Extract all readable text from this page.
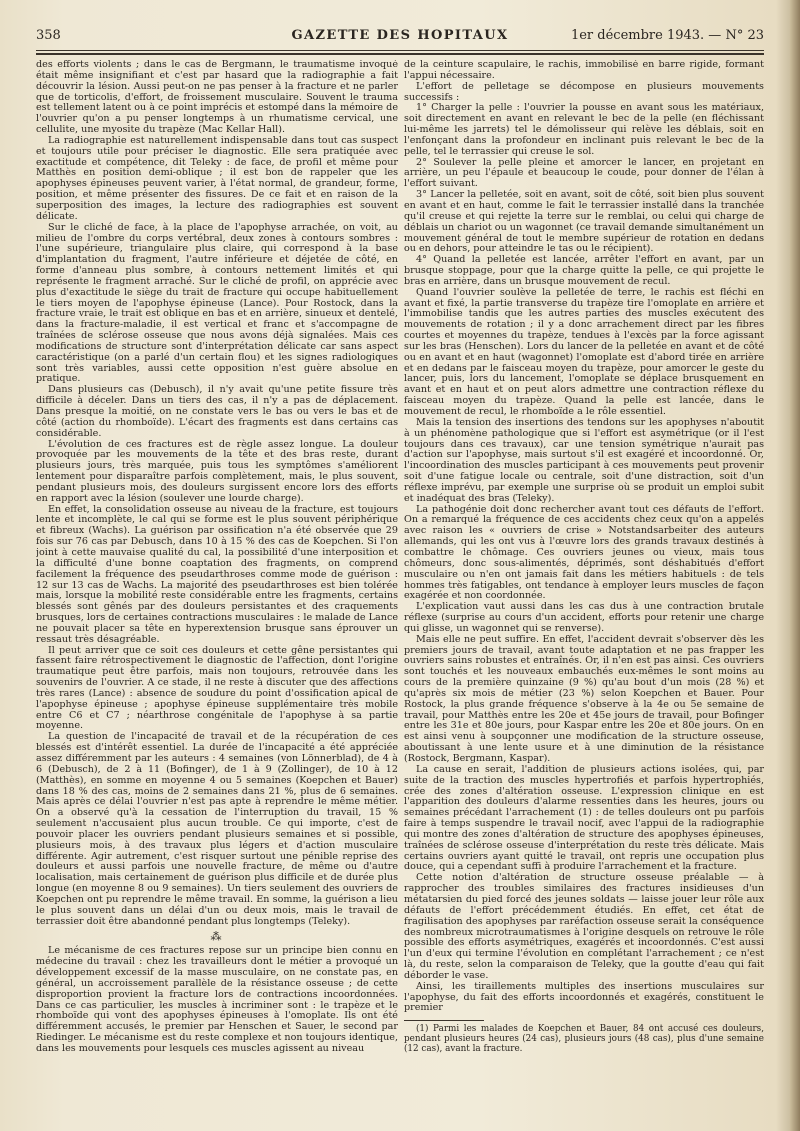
358	GAZETTE DES HOPITAUX	1er décembre 1943. — N° 23

des efforts violents ; dans le cas de Bergmann, le traumatisme invoqué était même insignifiant et c'est par hasard que la radiographie a fait découvrir la lésion. Aussi peut-on ne pas penser à la fracture et ne parler que de torticolis, d'effort, de froissement musculaire. Souvent le trauma est tellement latent ou à ce point imprécis et estompé dans la mémoire de l'ouvrier qu'on a pu penser longtemps à un rhumatisme cervical, une cellulite, une myosite du trapèze (Mac Kellar Hall).

La radiographie est naturellement indispensable dans tout cas suspect et toujours utile pour préciser le diagnostic. Elle sera pratiquée avec exactitude et compétence, dit Teleky : de face, de profil et même pour Matthès en position demi-oblique ; il est bon de rappeler que les apophyses épineuses peuvent varier, à l'état normal, de grandeur, forme, position, et même présenter des fissures. De ce fait et en raison de la superposition des images, la lecture des radiographies est souvent délicate.

Sur le cliché de face, à la place de l'apophyse arrachée, on voit, au milieu de l'ombre du corps vertébral, deux zones à contours sombres : l'une supérieure, triangulaire plus claire, qui correspond à la base d'implantation du fragment, l'autre inférieure et déjetée de côté, en forme d'anneau plus sombre, à contours nettement limités et qui représente le fragment arraché. Sur le cliché de profil, on apprécie avec plus d'exactitude le siège du trait de fracture qui occupe habituellement le tiers moyen de l'apophyse épineuse (Lance). Pour Rostock, dans la fracture vraie, le trait est oblique en bas et en arrière, sinueux et dentelé, dans la fracture-maladie, il est vertical et franc et s'accompagne de traînées de sclérose osseuse que nous avons déjà signalées. Mais ces modifications de structure sont d'interprétation délicate car sans aspect caractéristique (on a parlé d'un certain flou) et les signes radiologiques sont très variables, aussi cette opposition n'est guère absolue en pratique.

Dans plusieurs cas (Debusch), il n'y avait qu'une petite fissure très difficile à déceler. Dans un tiers des cas, il n'y a pas de déplacement. Dans presque la moitié, on ne constate vers le bas ou vers le bas et de côté (action du rhomboïde). L'écart des fragments est dans certains cas considérable.

L'évolution de ces fractures est de règle assez longue. La douleur provoquée par les mouvements de la tête et des bras reste, durant plusieurs jours, très marquée, puis tous les symptômes s'améliorent lentement pour disparaître parfois complètement, mais, le plus souvent, pendant plusieurs mois, des douleurs surgissent encore lors des efforts en rapport avec la lésion (soulever une lourde charge).

En effet, la consolidation osseuse au niveau de la fracture, est toujours lente et incomplète, le cal qui se forme est le plus souvent périphérique et fibreux (Wachs). La guérison par ossification n'a été observée que 29 fois sur 76 cas par Debusch, dans 10 à 15 % des cas de Koepchen. Si l'on joint à cette mauvaise qualité du cal, la possibilité d'une interposition et la difficulté d'une bonne coaptation des fragments, on comprend facilement la fréquence des pseudarthroses comme mode de guérison : 12 sur 13 cas de Wachs. La majorité des pseudarthroses est bien tolérée mais, lorsque la mobilité reste considérable entre les fragments, certains blessés sont gênés par des douleurs persistantes et des craquements brusques, lors de certaines contractions musculaires : le malade de Lance ne pouvait placer sa tête en hyperextension brusque sans éprouver un ressaut très désagréable.

Il peut arriver que ce soit ces douleurs et cette gêne persistantes qui fassent faire rétrospectivement le diagnostic de l'affection, dont l'origine traumatique peut être parfois, mais non toujours, retrouvée dans les souvenirs de l'ouvrier. A ce stade, il ne reste à discuter que des affections très rares (Lance) : absence de soudure du point d'ossification apical de l'apophyse épineuse ; apophyse épineuse supplémentaire très mobile entre C6 et C7 ; néarthrose congénitale de l'apophyse à sa partie moyenne.

La question de l'incapacité de travail et de la récupération de ces blessés est d'intérêt essentiel. La durée de l'incapacité a été appréciée assez différemment par les auteurs : 4 semaines (von Lönnerblad), de 4 à 6 (Debusch), de 2 à 11 (Bofinger), de 1 à 9 (Zollinger), de 10 à 12 (Matthès), en somme en moyenne 4 ou 5 semaines (Koepchen et Bauer) dans 18 % des cas, moins de 2 semaines dans 21 %, plus de 6 semaines. Mais après ce délai l'ouvrier n'est pas apte à reprendre le même métier. On a observé qu'à la cessation de l'interruption du travail, 15 % seulement n'accusaient plus aucun trouble. Ce qui importe, c'est de pouvoir placer les ouvriers pendant plusieurs semaines et si possible, plusieurs mois, à des travaux plus légers et d'action musculaire différente. Agir autrement, c'est risquer surtout une pénible reprise des douleurs et aussi parfois une nouvelle fracture, de même ou d'autre localisation, mais certainement de guérison plus difficile et de durée plus longue (en moyenne 8 ou 9 semaines). Un tiers seulement des ouvriers de Koepchen ont pu reprendre le même travail. En somme, la guérison a lieu le plus souvent dans un délai d'un ou deux mois, mais le travail de terrassier doit être abandonné pendant plus longtemps (Teleky).

⁂

Le mécanisme de ces fractures repose sur un principe bien connu en médecine du travail : chez les travailleurs dont le métier a provoqué un développement excessif de la masse musculaire, on ne constate pas, en général, un accroissement parallèle de la résistance osseuse ; de cette disproportion provient la fracture lors de contractions incoordonnées. Dans ce cas particulier, les muscles à incriminer sont : le trapèze et le rhomboïde qui vont des apophyses épineuses à l'omoplate. Ils ont été différemment accusés, le premier par Henschen et Sauer, le second par Riedinger. Le mécanisme est du reste complexe et non toujours identique, dans les mouvements pour lesquels ces muscles agissent au niveau

de la ceinture scapulaire, le rachis, immobilisé en barre rigide, formant l'appui nécessaire.

L'effort de pelletage se décompose en plusieurs mouvements successifs :

1° Charger la pelle : l'ouvrier la pousse en avant sous les matériaux, soit directement en avant en relevant le bec de la pelle (en fléchissant lui-même les jarrets) tel le démolisseur qui relève les déblais, soit en l'enfonçant dans la profondeur en inclinant puis relevant le bec de la pelle, tel le terrassier qui creuse le sol.

2° Soulever la pelle pleine et amorcer le lancer, en projetant en arrière, un peu l'épaule et beaucoup le coude, pour donner de l'élan à l'effort suivant.

3° Lancer la pelletée, soit en avant, soit de côté, soit bien plus souvent en avant et en haut, comme le fait le terrassier installé dans la tranchée qu'il creuse et qui rejette la terre sur le remblai, ou celui qui charge de déblais un chariot ou un wagonnet (ce travail demande simultanément un mouvement général de tout le membre supérieur de rotation en dedans ou en dehors, pour atteindre le tas ou le récipient).

4° Quand la pelletée est lancée, arrêter l'effort en avant, par un brusque stoppage, pour que la charge quitte la pelle, ce qui projette le bras en arrière, dans un brusque mouvement de recul.

Quand l'ouvrier soulève la pelletée de terre, le rachis est fléchi en avant et fixé, la partie transverse du trapèze tire l'omoplate en arrière et l'immobilise tandis que les autres parties des muscles exécutent des mouvements de rotation ; il y a donc arrachement direct par les fibres courtes et moyennes du trapèze, tendues à l'excès par la force agissant sur les bras (Henschen). Lors du lancer de la pelletée en avant et de côté ou en avant et en haut (wagonnet) l'omoplate est d'abord tirée en arrière et en dedans par le faisceau moyen du trapèze, pour amorcer le geste du lancer, puis, lors du lancement, l'omoplate se déplace brusquement en avant et en haut et on peut alors admettre une contraction réflexe du faisceau moyen du trapèze. Quand la pelle est lancée, dans le mouvement de recul, le rhomboïde a le rôle essentiel.

Mais la tension des insertions des tendons sur les apophyses n'aboutit à un phénomène pathologique que si l'effort est asymétrique (or il l'est toujours dans ces travaux), car une tension symétrique n'aurait pas d'action sur l'apophyse, mais surtout s'il est exagéré et incoordonné. Or, l'incoordination des muscles participant à ces mouvements peut provenir soit d'une fatigue locale ou centrale, soit d'une distraction, soit d'un réflexe imprévu, par exemple une surprise où se produit un emploi subit et inadéquat des bras (Teleky).

La pathogénie doit donc rechercher avant tout ces défauts de l'effort. On a remarqué la fréquence de ces accidents chez ceux qu'on a appelés avec raison les « ouvriers de crise » Notstandsarbeiter des auteurs allemands, qui les ont vus à l'œuvre lors des grands travaux destinés à combattre le chômage. Ces ouvriers jeunes ou vieux, mais tous chômeurs, donc sous-alimentés, déprimés, sont déshabitués d'effort musculaire ou n'en ont jamais fait dans les métiers habituels : de tels hommes très fatigables, ont tendance à employer leurs muscles de façon exagérée et non coordonnée.

L'explication vaut aussi dans les cas dus à une contraction brutale réflexe (surprise au cours d'un accident, efforts pour retenir une charge qui glisse, un wagonnet qui se renverse).

Mais elle ne peut suffire. En effet, l'accident devrait s'observer dès les premiers jours de travail, avant toute adaptation et ne pas frapper les ouvriers sains robustes et entraînés. Or, il n'en est pas ainsi. Ces ouvriers sont touchés et les nouveaux embauchés eux-mêmes le sont moins au cours de la première quinzaine (9 %) qu'au bout d'un mois (28 %) et qu'après six mois de métier (23 %) selon Koepchen et Bauer. Pour Rostock, la plus grande fréquence s'observe à la 4e ou 5e semaine de travail, pour Matthès entre les 20e et 45e jours de travail, pour Bofinger entre les 31e et 80e jours, pour Kaspar entre les 20e et 80e jours. On en est ainsi venu à soupçonner une modification de la structure osseuse, aboutissant à une lente usure et à une diminution de la résistance (Rostock, Bergmann, Kaspar).

La cause en serait, l'addition de plusieurs actions isolées, qui, par suite de la traction des muscles hypertrofiés et parfois hypertrophiés, crée des zones d'altération osseuse. L'expression clinique en est l'apparition des douleurs d'alarme ressenties dans les heures, jours ou semaines précédant l'arrachement (1) : de telles douleurs ont pu parfois faire à temps suspendre le travail nocif, avec l'appui de la radiographie qui montre des zones d'altération de structure des apophyses épineuses, traînées de sclérose osseuse d'interprétation du reste très délicate. Mais certains ouvriers ayant quitté le travail, ont repris une occupation plus douce, qui a cependant suffi à produire l'arrachement et la fracture.

Cette notion d'altération de structure osseuse préalable — à rapprocher des troubles similaires des fractures insidieuses d'un métatarsien du pied forcé des jeunes soldats — laisse jouer leur rôle aux défauts de l'effort précédemment étudiés. En effet, cet état de fragilisation des apophyses par raréfaction osseuse serait la conséquence des nombreux microtraumatismes à l'origine desquels on retrouve le rôle possible des efforts asymétriques, exagérés et incoordonnés. C'est aussi l'un d'eux qui termine l'évolution en complétant l'arrachement ; ce n'est là, du reste, selon la comparaison de Teleky, que la goutte d'eau qui fait déborder le vase.

Ainsi, les tiraillements multiples des insertions musculaires sur l'apophyse, du fait des efforts incoordonnés et exagérés, constituent le premier

(1) Parmi les malades de Koepchen et Bauer, 84 ont accusé ces douleurs, pendant plusieurs heures (24 cas), plusieurs jours (48 cas), plus d'une semaine (12 cas), avant la fracture.
